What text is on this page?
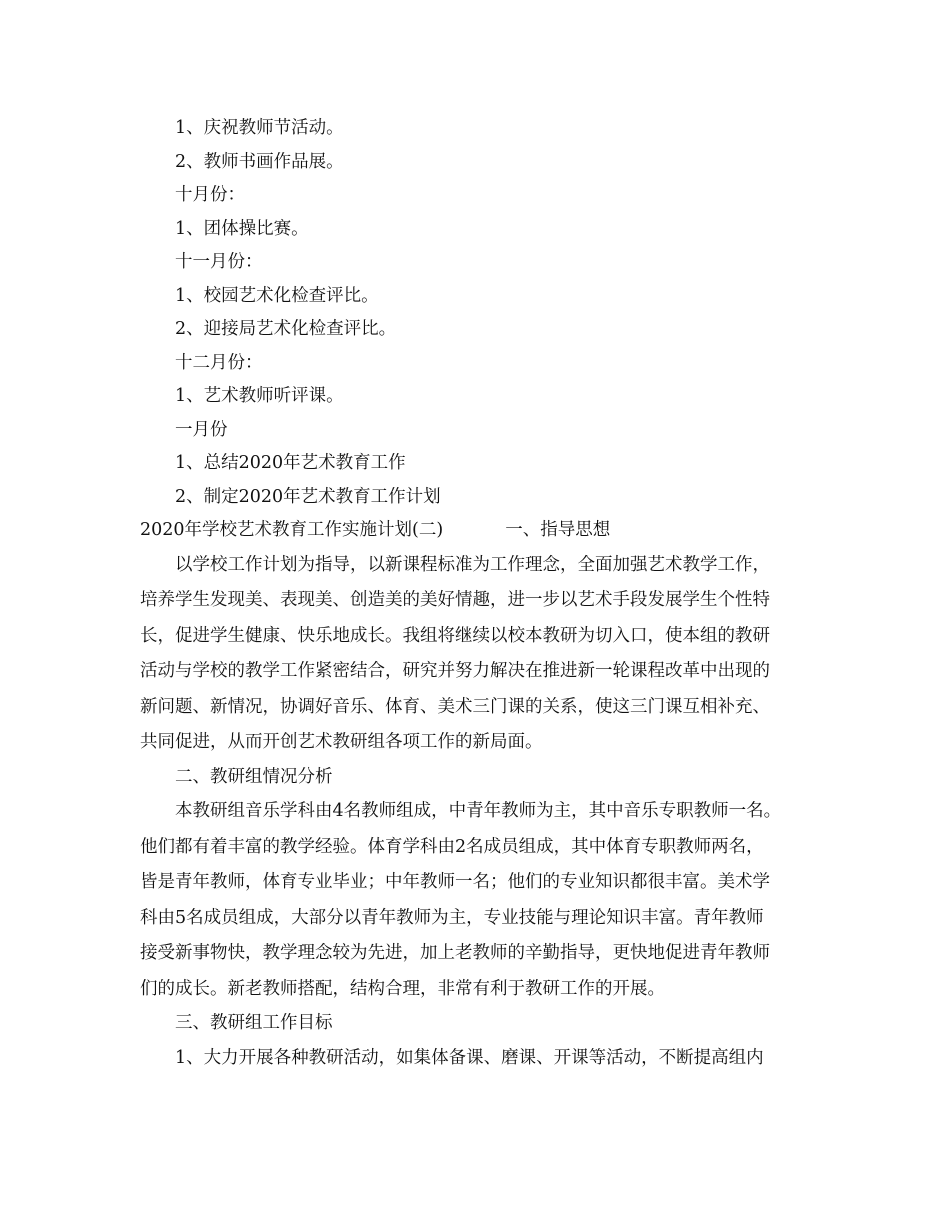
1、庆祝教师节活动。
2、教师书画作品展。
十月份：
1、团体操比赛。
十一月份：
1、校园艺术化检查评比。
2、迎接局艺术化检查评比。
十二月份：
1、艺术教师听评课。
一月份
1、总结2020年艺术教育工作
2、制定2020年艺术教育工作计划
2020年学校艺术教育工作实施计划(二)	一、指导思想
以学校工作计划为指导，以新课程标准为工作理念，全面加强艺术教学工作，
培养学生发现美、表现美、创造美的美好情趣，进一步以艺术手段发展学生个性特
长，促进学生健康、快乐地成长。我组将继续以校本教研为切入口，使本组的教研
活动与学校的教学工作紧密结合，研究并努力解决在推进新一轮课程改革中出现的
新问题、新情况，协调好音乐、体育、美术三门课的关系，使这三门课互相补充、
共同促进，从而开创艺术教研组各项工作的新局面。
二、教研组情况分析
本教研组音乐学科由4名教师组成，中青年教师为主，其中音乐专职教师一名。
他们都有着丰富的教学经验。体育学科由2名成员组成，其中体育专职教师两名，
皆是青年教师，体育专业毕业；中年教师一名；他们的专业知识都很丰富。美术学
科由5名成员组成，大部分以青年教师为主，专业技能与理论知识丰富。青年教师
接受新事物快，教学理念较为先进，加上老教师的辛勤指导，更快地促进青年教师
们的成长。新老教师搭配，结构合理，非常有利于教研工作的开展。
三、教研组工作目标
1、大力开展各种教研活动，如集体备课、磨课、开课等活动，不断提高组内
